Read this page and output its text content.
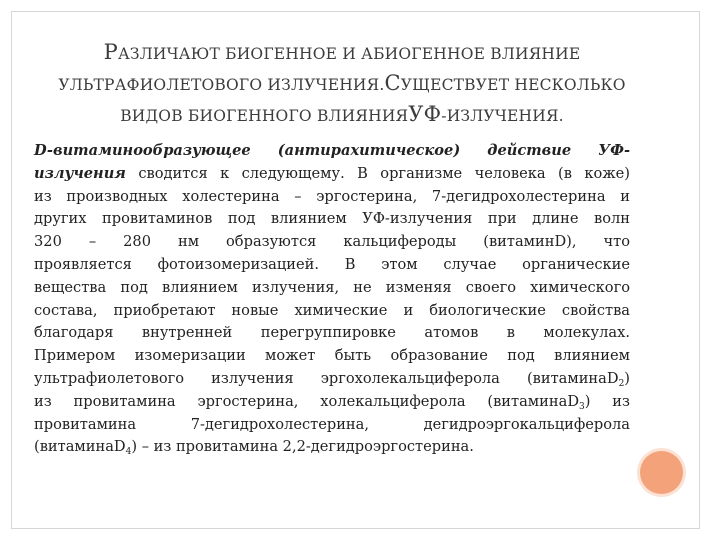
РАЗЛИЧАЮТ БИОГЕННОЕ И АБИОГЕННОЕ ВЛИЯНИЕ
УЛЬТРАФИОЛЕТОВОГО ИЗЛУЧЕНИЯ.СУЩЕСТВУЕТ НЕСКОЛЬКО
ВИДОВ БИОГЕННОГО ВЛИЯНИЯУФ-ИЗЛУЧЕНИЯ.
D-витаминообразующее (антирахитическое) действие УФ-
излучения сводится к следующему. В организме человека (в коже)
из производных холестерина – эргостерина, 7-дегидрохолестерина и
других провитаминов под влиянием УФ-излучения при длине волн
320 – 280 нм образуются кальцифероды (витаминD), что
проявляется фотоизомеризацией. В этом случае органические
вещества под влиянием излучения, не изменяя своего химического
состава, приобретают новые химические и биологические свойства
благодаря внутренней перегруппировке атомов в молекулах.
Примером изомеризации может быть образование под влиянием
ультрафиолетового излучения эргохолекальциферола (витаминаD$_2$)
из провитамина эргостерина, холекальциферола (витаминаD$_3$) из
провитамина 7-дегидрохолестерина, дегидроэргокальциферола
(витаминаD$_4$) – из провитамина 2,2-дегидроэргостерина.
